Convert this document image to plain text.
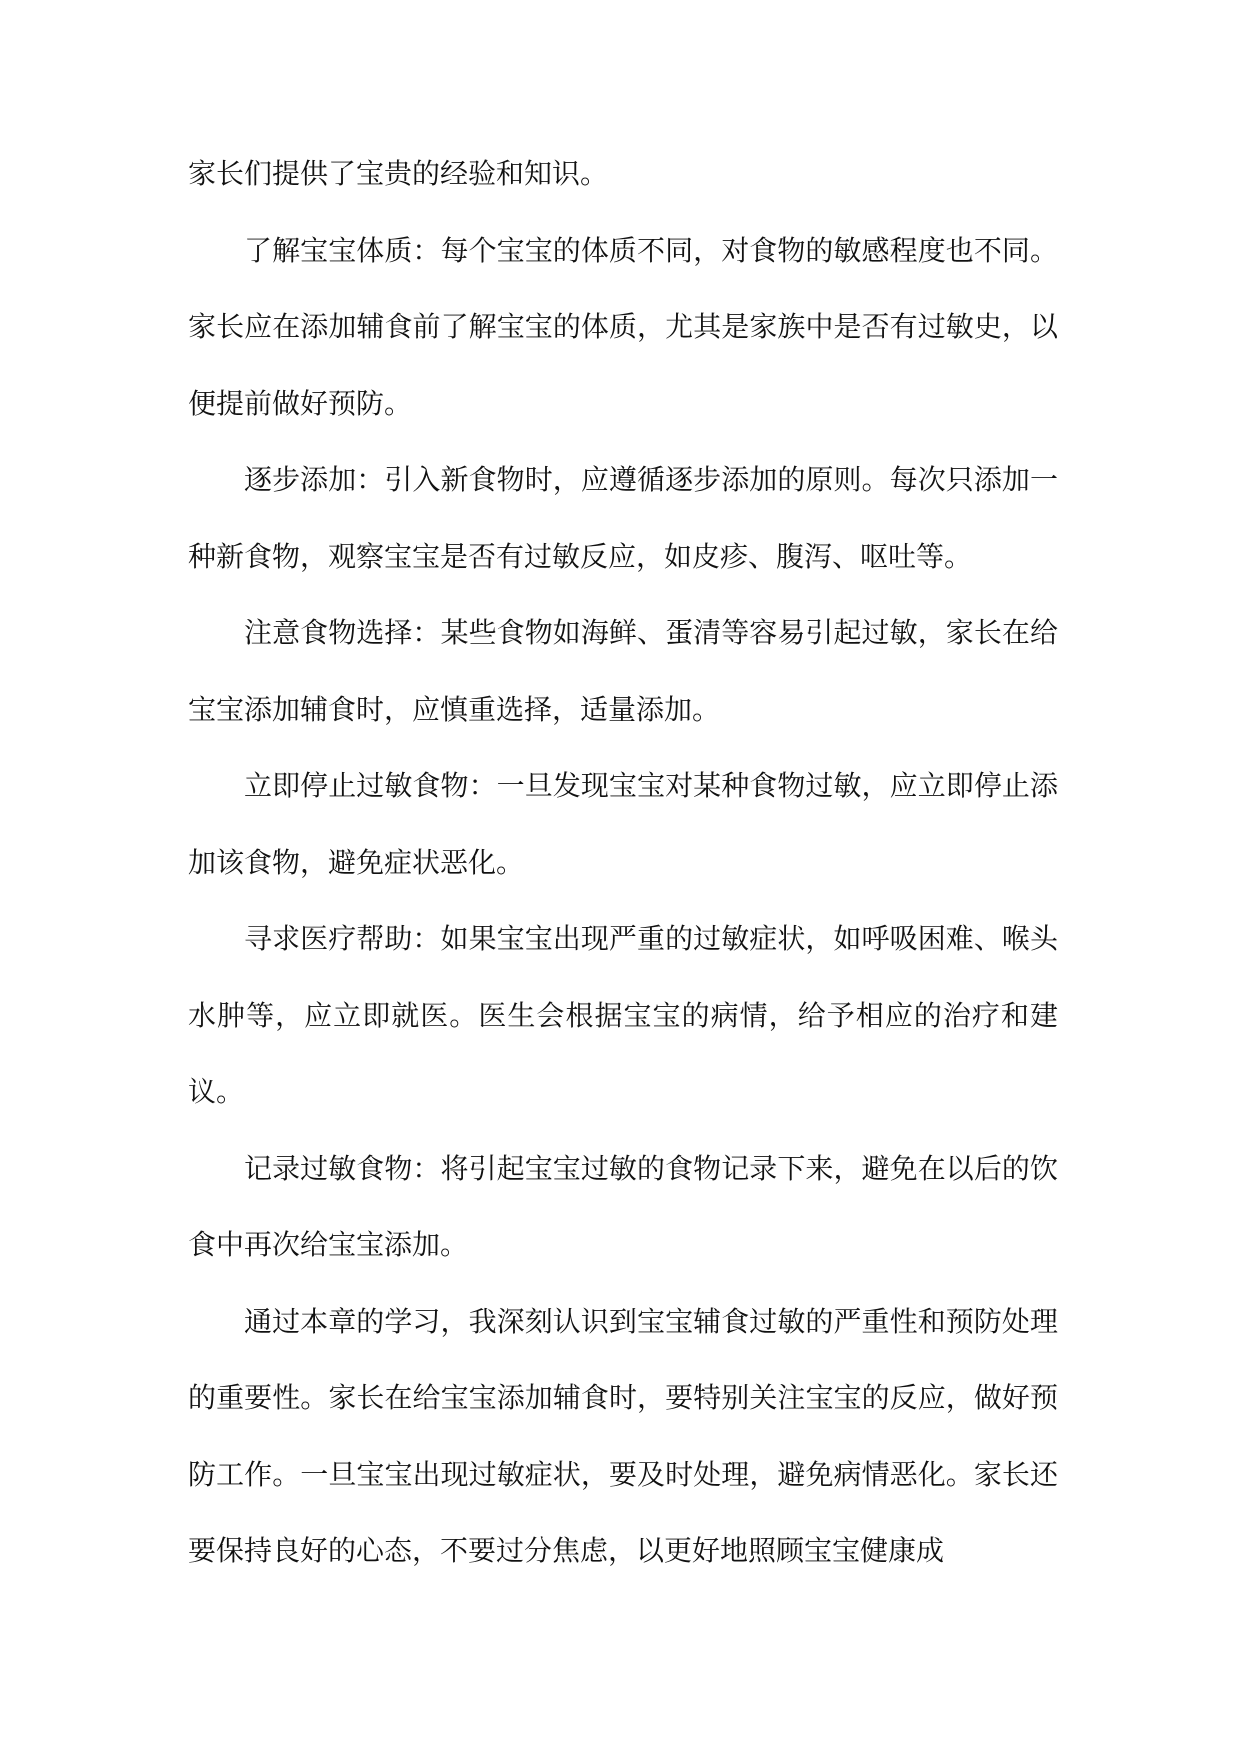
家长们提供了宝贵的经验和知识。

了解宝宝体质：每个宝宝的体质不同，对食物的敏感程度也不同。家长应在添加辅食前了解宝宝的体质，尤其是家族中是否有过敏史，以便提前做好预防。

逐步添加：引入新食物时，应遵循逐步添加的原则。每次只添加一种新食物，观察宝宝是否有过敏反应，如皮疹、腹泻、呕吐等。

注意食物选择：某些食物如海鲜、蛋清等容易引起过敏，家长在给宝宝添加辅食时，应慎重选择，适量添加。

立即停止过敏食物：一旦发现宝宝对某种食物过敏，应立即停止添加该食物，避免症状恶化。

寻求医疗帮助：如果宝宝出现严重的过敏症状，如呼吸困难、喉头水肿等，应立即就医。医生会根据宝宝的病情，给予相应的治疗和建议。

记录过敏食物：将引起宝宝过敏的食物记录下来，避免在以后的饮食中再次给宝宝添加。

通过本章的学习，我深刻认识到宝宝辅食过敏的严重性和预防处理的重要性。家长在给宝宝添加辅食时，要特别关注宝宝的反应，做好预防工作。一旦宝宝出现过敏症状，要及时处理，避免病情恶化。家长还要保持良好的心态，不要过分焦虑，以更好地照顾宝宝健康成
